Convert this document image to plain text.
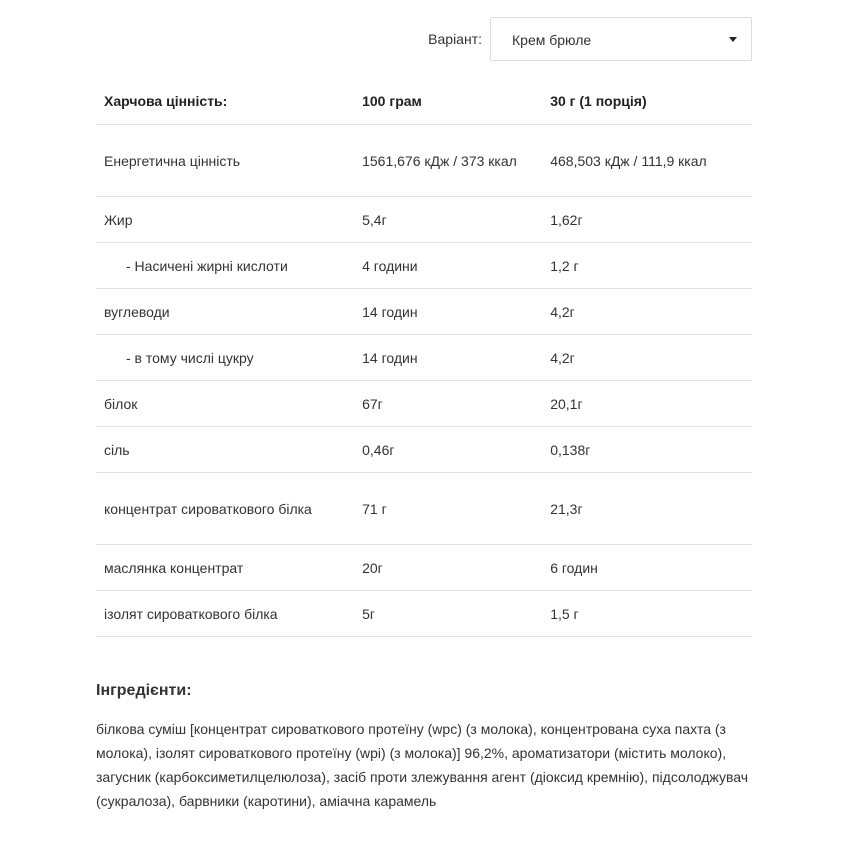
Варіант: Крем брюле
Харчова цінність:	100 грам	30 г (1 порція)
Енергетична цінність	1561,676 кДж / 373 ккал	468,503 кДж / 111,9 ккал
Жир	5,4г	1,62г
- Насичені жирні кислоти	4 години	1,2 г
вуглеводи	14 годин	4,2г
- в тому числі цукру	14 годин	4,2г
білок	67г	20,1г
сіль	0,46г	0,138г
концентрат сироваткового білка	71 г	21,3г
маслянка концентрат	20г	6 годин
ізолят сироваткового білка	5г	1,5 г
Інгредієнти:
білкова суміш [концентрат сироваткового протеїну (wpc) (з молока), концентрована суха пахта (з молока), ізолят сироваткового протеїну (wpi) (з молока)] 96,2%, ароматизатори (містить молоко), загусник (карбоксиметилцелюлоза), засіб проти злежування агент (діоксид кремнію), підсолоджувач (сукралоза), барвники (каротини), аміачна карамель
